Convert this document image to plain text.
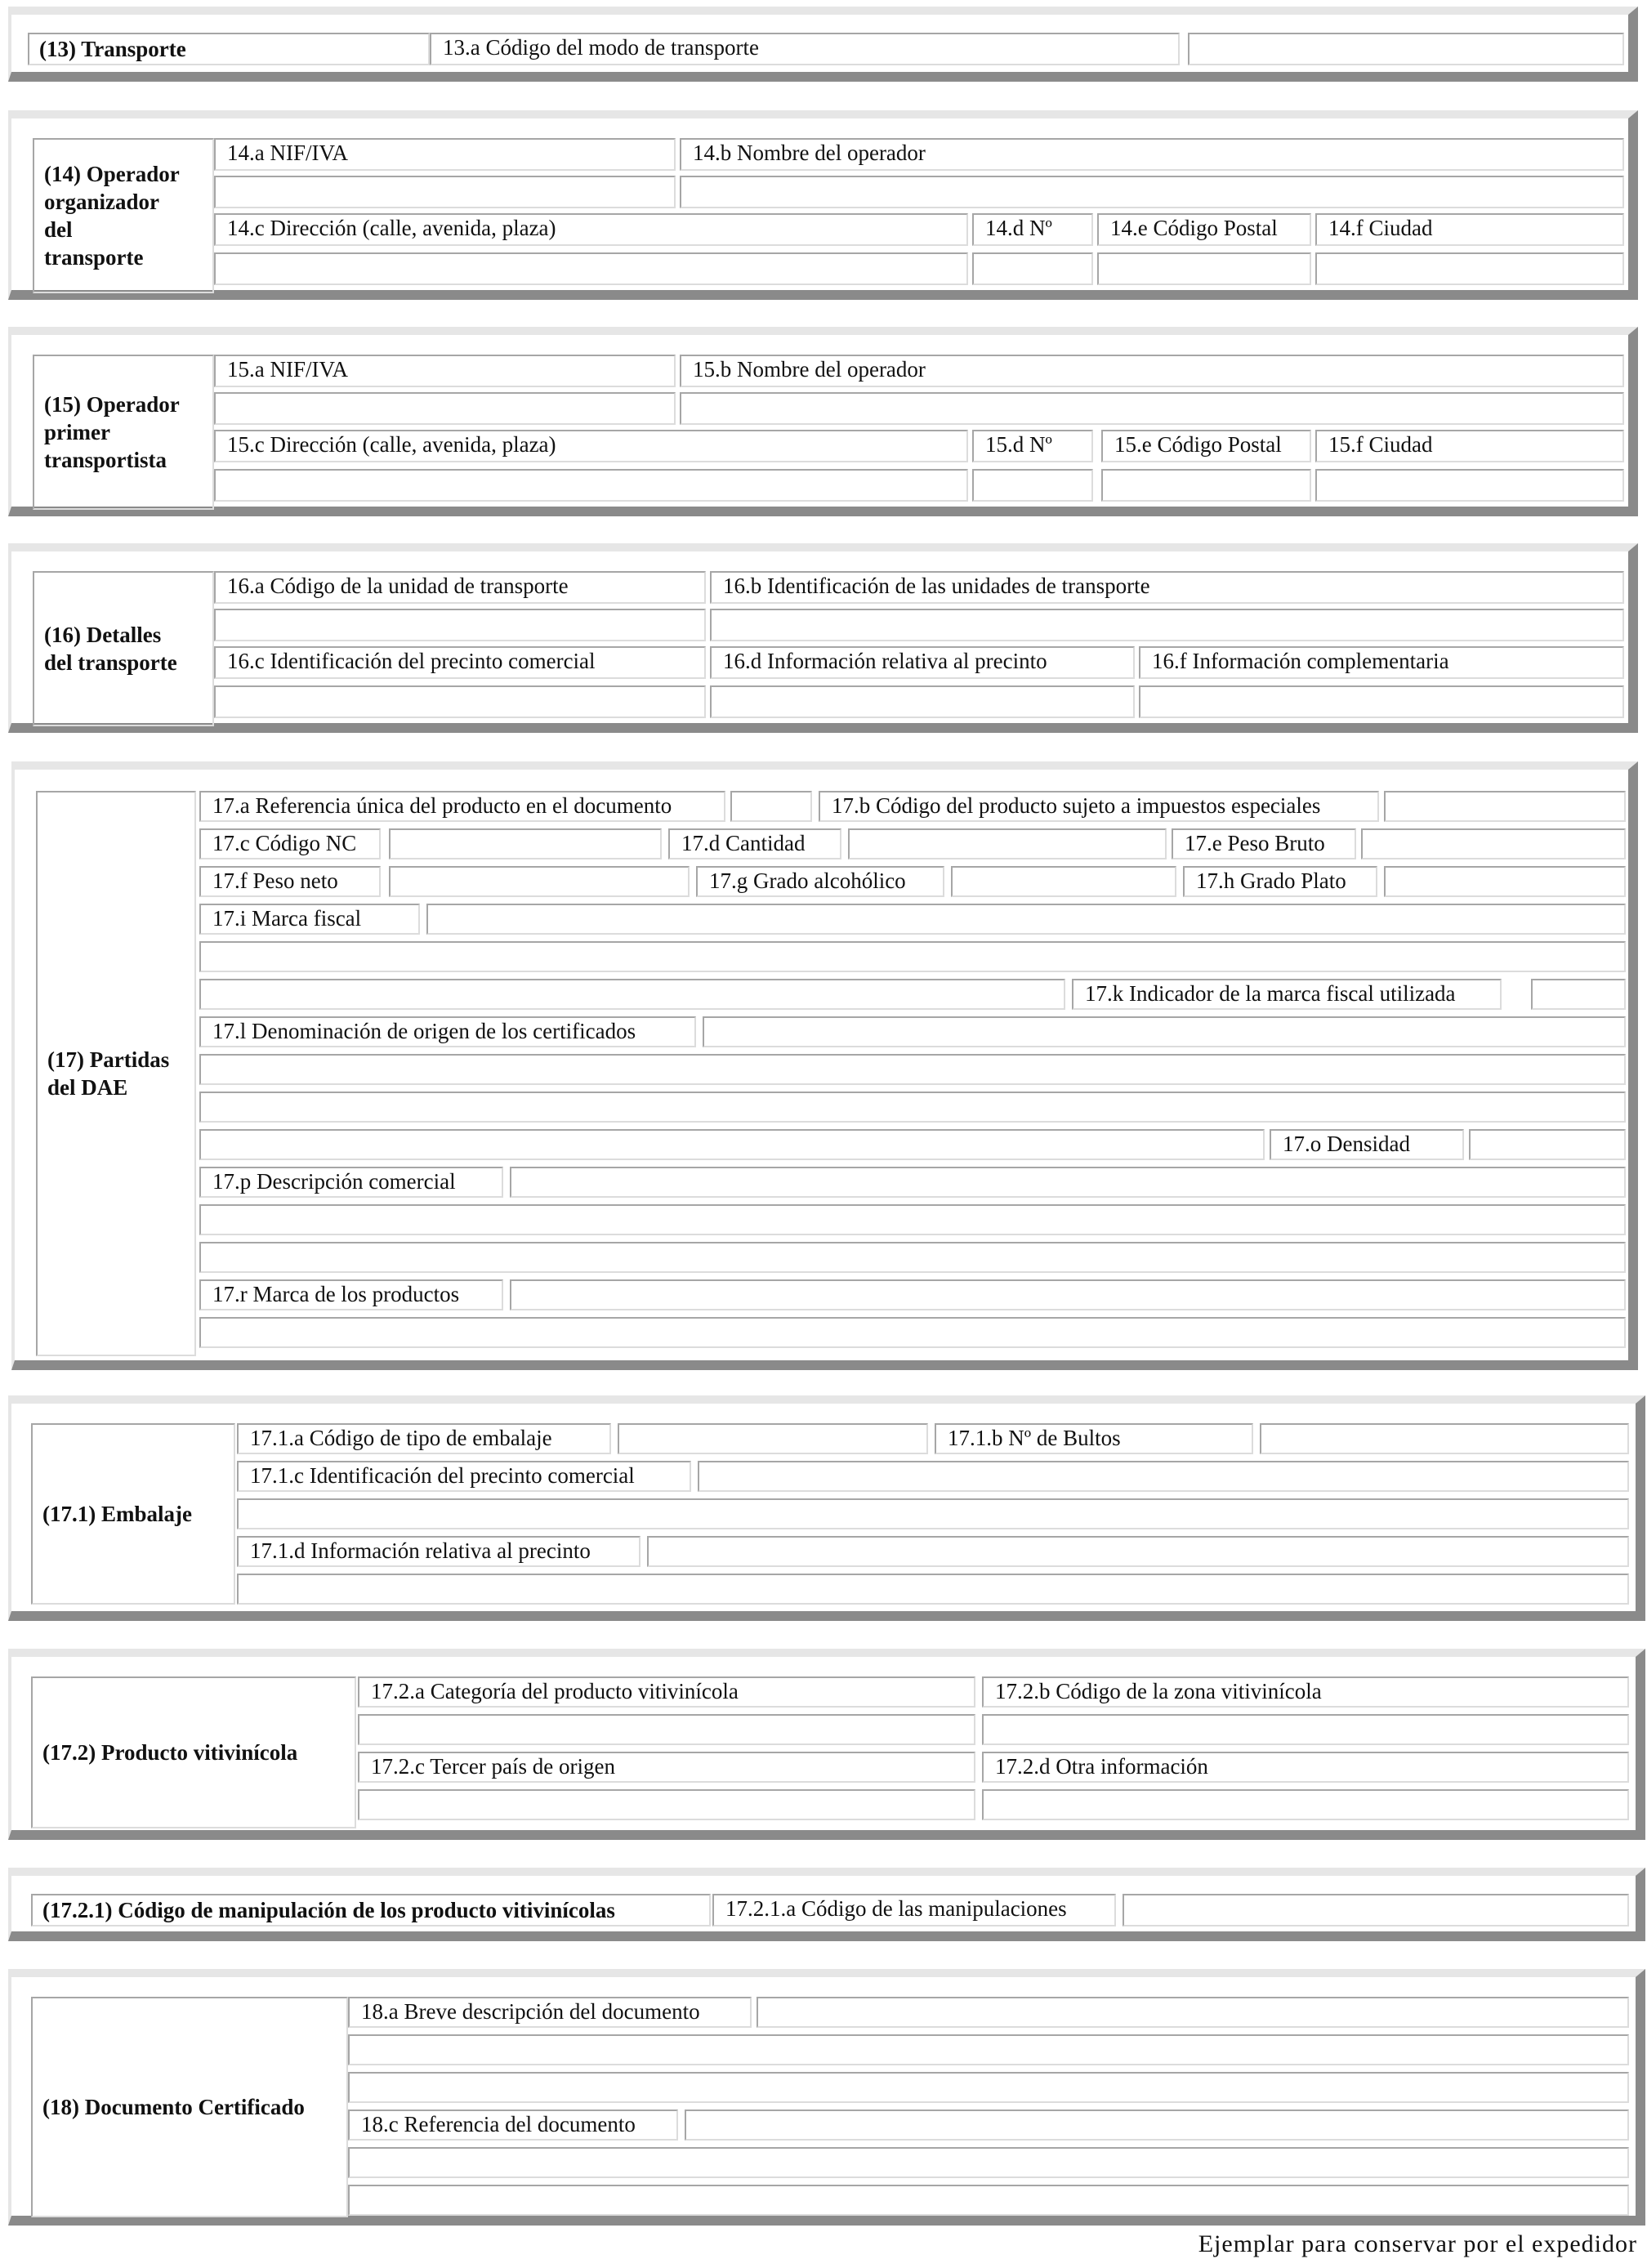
(13) Transporte	13.a Código del modo de transporte
(14) Operador
organizador
del
transporte
14.a NIF/IVA	14.b Nombre del operador
14.c Dirección (calle, avenida, plaza)	14.d Nº	14.e Código Postal	14.f Ciudad
(15) Operador
primer
transportista
15.a NIF/IVA	15.b Nombre del operador
15.c Dirección (calle, avenida, plaza)	15.d Nº	15.e Código Postal	15.f Ciudad
(16) Detalles
del transporte
16.a Código de la unidad de transporte	16.b Identificación de las unidades de transporte
16.c Identificación del precinto comercial	16.d Información relativa al precinto	16.f Información complementaria
(17) Partidas
del DAE
17.a Referencia única del producto en el documento	17.b Código del producto sujeto a impuestos especiales
17.c Código NC	17.d Cantidad	17.e Peso Bruto
17.f Peso neto	17.g Grado alcohólico	17.h Grado Plato
17.i Marca fiscal
17.k Indicador de la marca fiscal utilizada
17.l Denominación de origen de los certificados
17.o Densidad
17.p Descripción comercial
17.r Marca de los productos
(17.1) Embalaje
17.1.a Código de tipo de embalaje	17.1.b Nº de Bultos
17.1.c Identificación del precinto comercial
17.1.d Información relativa al precinto
(17.2) Producto vitivinícola
17.2.a Categoría del producto vitivinícola	17.2.b Código de la zona vitivinícola
17.2.c Tercer país de origen	17.2.d Otra información
(17.2.1) Código de manipulación de los producto vitivinícolas	17.2.1.a Código de las manipulaciones
(18) Documento Certificado
18.a Breve descripción del documento
18.c Referencia del documento
Ejemplar para conservar por el expedidor
